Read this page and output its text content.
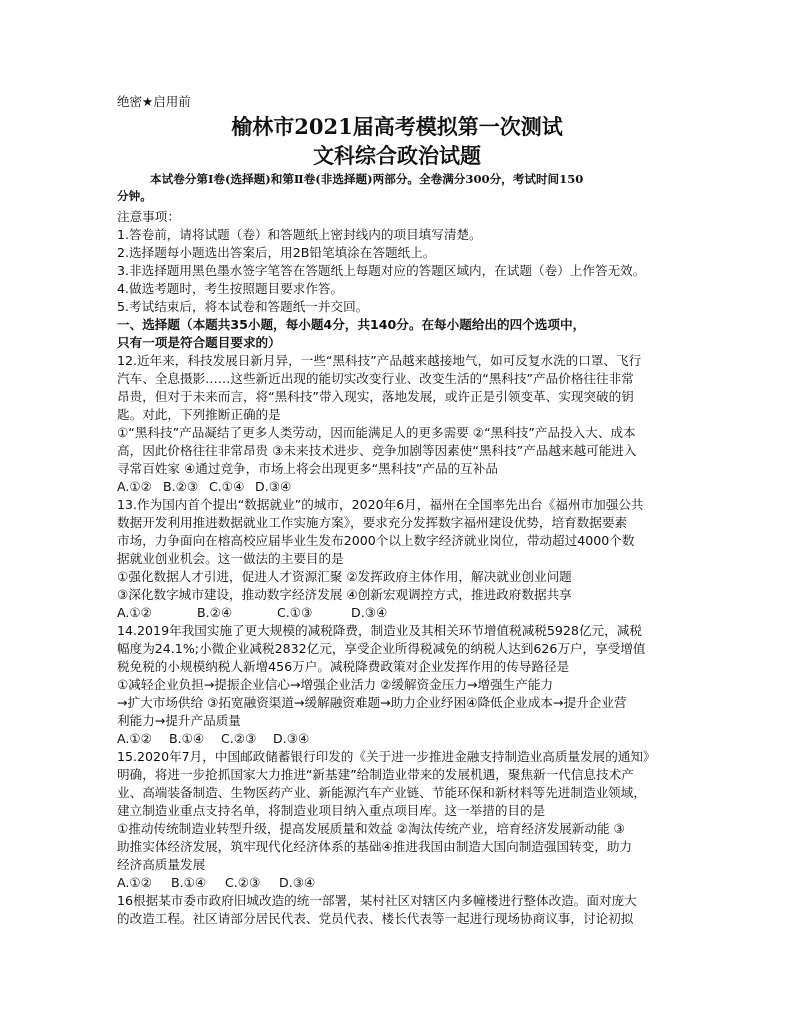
绝密★启用前
榆林市2021届高考模拟第一次测试
文科综合政治试题
本试卷分第Ⅰ卷(选择题)和第Ⅱ卷(非选择题)两部分。全卷满分300分，考试时间150
分钟。
注意事项：
1.答卷前，请将试题（卷）和答题纸上密封线内的项目填写清楚。
2.选择题每小题选出答案后，用2B铅笔填涂在答题纸上。
3.非选择题用黑色墨水签字笔答在答题纸上每题对应的答题区域内，在试题（卷）上作答无效。
4.做选考题时，考生按照题目要求作答。
5.考试结束后，将本试卷和答题纸一并交回。
一、选择题（本题共35小题，每小题4分，共140分。在每小题给出的四个选项中，
只有一项是符合题目要求的）
12.近年来，科技发展日新月异，一些“黑科技”产品越来越接地气，如可反复水洗的口罩、飞行
汽车、全息摄影……这些新近出现的能切实改变行业、改变生活的“黑科技”产品价格往往非常
昂贵，但对于未来而言，将“黑科技”带入现实，落地发展，或许正是引领变革、实现突破的钥
匙。对此，下列推断正确的是
①“黑科技”产品凝结了更多人类劳动，因而能满足人的更多需要 ②“黑科技”产品投入大、成本
高，因此价格往往非常昂贵 ③未来技术进步、竞争加剧等因素使“黑科技”产品越来越可能进入
寻常百姓家 ④通过竞争，市场上将会出现更多“黑科技”产品的互补品
A.①② B.②③ C.①④ D.③④
13.作为国内首个提出“数据就业”的城市，2020年6月，福州在全国率先出台《福州市加强公共
数据开发利用推进数据就业工作实施方案》，要求充分发挥数字福州建设优势，培育数据要素
市场，力争面向在榕高校应届毕业生发布2000个以上数字经济就业岗位，带动超过4000个数
据就业创业机会。这一做法的主要目的是
①强化数据人才引进，促进人才资源汇聚 ②发挥政府主体作用，解决就业创业问题
③深化数字城市建设，推动数字经济发展 ④创新宏观调控方式，推进政府数据共享
A.①②	B.②④	C.①③	D.③④
14.2019年我国实施了更大规模的减税降费，制造业及其相关环节增值税减税5928亿元，减税
幅度为24.1%;小微企业减税2832亿元，享受企业所得税减免的纳税人达到626万户，享受增值
税免税的小规模纳税人新增456万户。减税降费政策对企业发挥作用的传导路径是
①减轻企业负担→提振企业信心→增强企业活力 ②缓解资金压力→增强生产能力
→扩大市场供给 ③拓宽融资渠道→缓解融资难题→助力企业纾困④降低企业成本→提升企业营
利能力→提升产品质量
A.①② B.①④ C.②③ D.③④
15.2020年7月，中国邮政储蓄银行印发的《关于进一步推进金融支持制造业高质量发展的通知》
明确，将进一步抢抓国家大力推进“新基建”给制造业带来的发展机遇，聚焦新一代信息技术产
业、高端装备制造、生物医药产业、新能源汽车产业链、节能环保和新材料等先进制造业领域，
建立制造业重点支持名单，将制造业项目纳入重点项目库。这一举措的目的是
①推动传统制造业转型升级，提高发展质量和效益 ②淘汰传统产业，培育经济发展新动能 ③
助推实体经济发展，筑牢现代化经济体系的基础④推进我国由制造大国向制造强国转变，助力
经济高质量发展
A.①② B.①④ C.②③ D.③④
16根据某市委市政府旧城改造的统一部署，某村社区对辖区内多幢楼进行整体改造。面对庞大
的改造工程。社区请部分居民代表、党员代表、楼长代表等一起进行现场协商议事，讨论初拟
